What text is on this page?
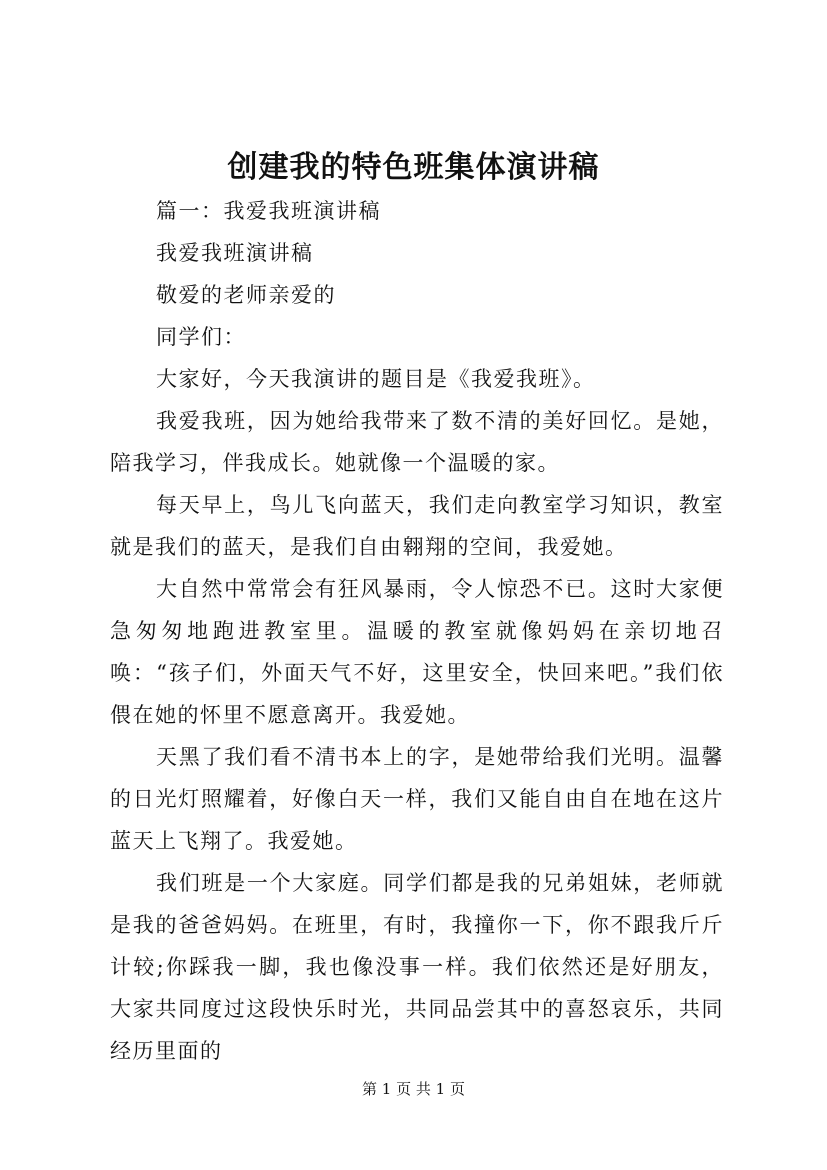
创建我的特色班集体演讲稿

篇一：我爱我班演讲稿

我爱我班演讲稿

敬爱的老师亲爱的

同学们：

大家好，今天我演讲的题目是《我爱我班》。

我爱我班，因为她给我带来了数不清的美好回忆。是她，陪我学习，伴我成长。她就像一个温暖的家。

每天早上，鸟儿飞向蓝天，我们走向教室学习知识，教室就是我们的蓝天，是我们自由翱翔的空间，我爱她。

大自然中常常会有狂风暴雨，令人惊恐不已。这时大家便急匆匆地跑进教室里。温暖的教室就像妈妈在亲切地召唤：“孩子们，外面天气不好，这里安全，快回来吧。”我们依偎在她的怀里不愿意离开。我爱她。

天黑了我们看不清书本上的字，是她带给我们光明。温馨的日光灯照耀着，好像白天一样，我们又能自由自在地在这片蓝天上飞翔了。我爱她。

我们班是一个大家庭。同学们都是我的兄弟姐妹，老师就是我的爸爸妈妈。在班里，有时，我撞你一下，你不跟我斤斤计较;你踩我一脚，我也像没事一样。我们依然还是好朋友，大家共同度过这段快乐时光，共同品尝其中的喜怒哀乐，共同经历里面的

第 1 页 共 1 页
